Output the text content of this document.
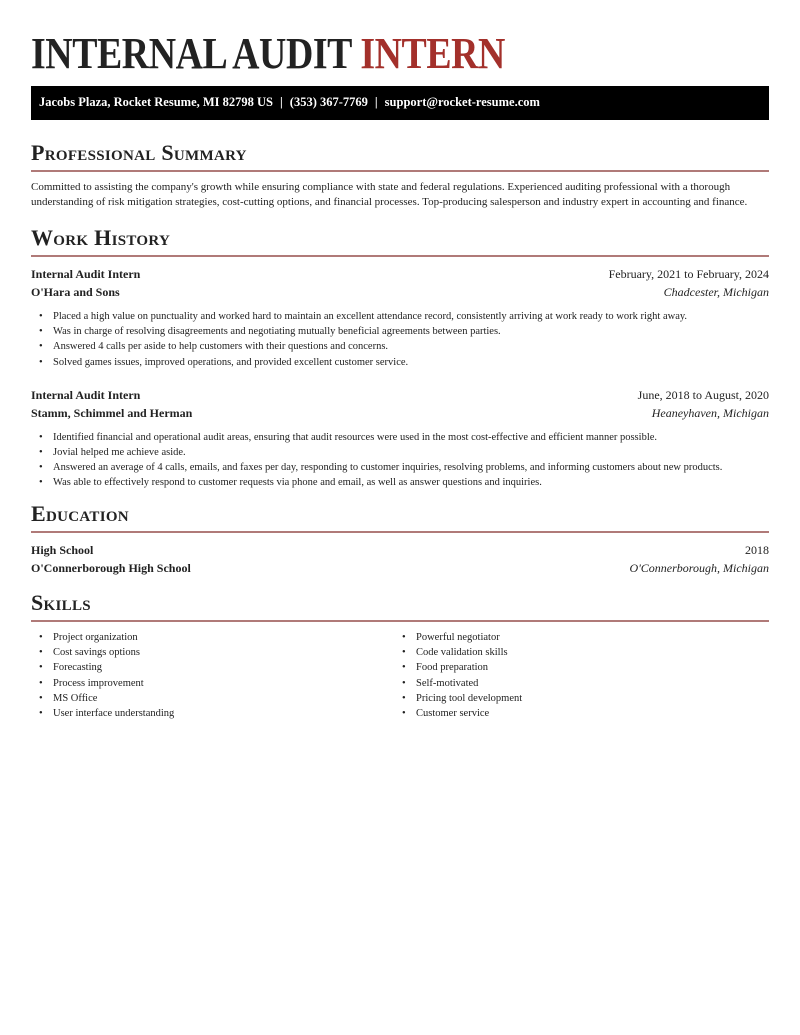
INTERNAL AUDIT INTERN
Jacobs Plaza, Rocket Resume, MI 82798 US | (353) 367-7769 | support@rocket-resume.com
Professional Summary

Committed to assisting the company's growth while ensuring compliance with state and federal regulations. Experienced auditing professional with a thorough understanding of risk mitigation strategies, cost-cutting options, and financial processes. Top-producing salesperson and industry expert in accounting and finance.

Work History
Internal Audit Intern	February, 2021 to February, 2024
O'Hara and Sons	Chadcester, Michigan
• Placed a high value on punctuality and worked hard to maintain an excellent attendance record, consistently arriving at work ready to work right away.
• Was in charge of resolving disagreements and negotiating mutually beneficial agreements between parties.
• Answered 4 calls per aside to help customers with their questions and concerns.
• Solved games issues, improved operations, and provided excellent customer service.
Internal Audit Intern	June, 2018 to August, 2020
Stamm, Schimmel and Herman	Heaneyhaven, Michigan
• Identified financial and operational audit areas, ensuring that audit resources were used in the most cost-effective and efficient manner possible.
• Jovial helped me achieve aside.
• Answered an average of 4 calls, emails, and faxes per day, responding to customer inquiries, resolving problems, and informing customers about new products.
• Was able to effectively respond to customer requests via phone and email, as well as answer questions and inquiries.
Education
High School	2018
O'Connerborough High School	O'Connerborough, Michigan
Skills
• Project organization
• Cost savings options
• Forecasting
• Process improvement
• MS Office
• User interface understanding
• Powerful negotiator
• Code validation skills
• Food preparation
• Self-motivated
• Pricing tool development
• Customer service
